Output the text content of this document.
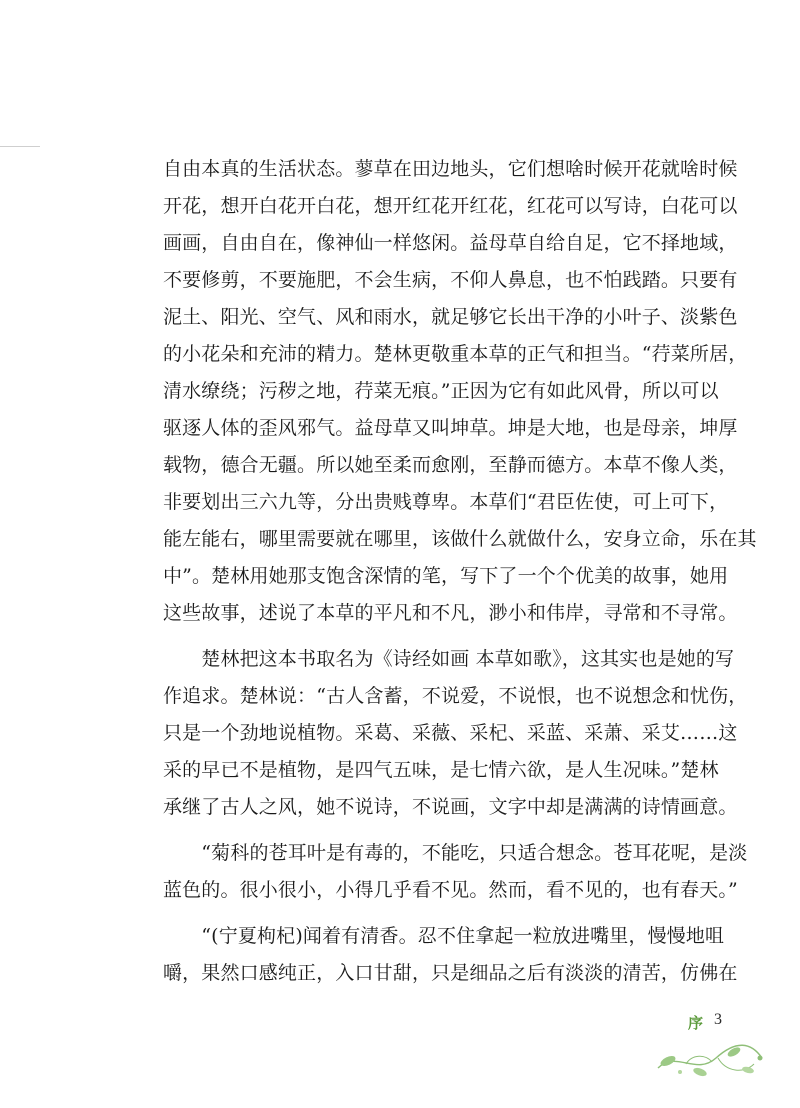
自由本真的生活状态。蓼草在田边地头，它们想啥时候开花就啥时候
开花，想开白花开白花，想开红花开红花，红花可以写诗，白花可以
画画，自由自在，像神仙一样悠闲。益母草自给自足，它不择地域，
不要修剪，不要施肥，不会生病，不仰人鼻息，也不怕践踏。只要有
泥土、阳光、空气、风和雨水，就足够它长出干净的小叶子、淡紫色
的小花朵和充沛的精力。楚林更敬重本草的正气和担当。“荇菜所居，
清水缭绕；污秽之地，荇菜无痕。”正因为它有如此风骨，所以可以
驱逐人体的歪风邪气。益母草又叫坤草。坤是大地，也是母亲，坤厚
载物，德合无疆。所以她至柔而愈刚，至静而德方。本草不像人类，
非要划出三六九等，分出贵贱尊卑。本草们“君臣佐使，可上可下，
能左能右，哪里需要就在哪里，该做什么就做什么，安身立命，乐在其
中”。楚林用她那支饱含深情的笔，写下了一个个优美的故事，她用
这些故事，述说了本草的平凡和不凡，渺小和伟岸，寻常和不寻常。
　　楚林把这本书取名为《诗经如画 本草如歌》，这其实也是她的写
作追求。楚林说：“古人含蓄，不说爱，不说恨，也不说想念和忧伤，
只是一个劲地说植物。采葛、采薇、采杞、采蓝、采萧、采艾……这
采的早已不是植物，是四气五味，是七情六欲，是人生况味。”楚林
承继了古人之风，她不说诗，不说画，文字中却是满满的诗情画意。
　　“菊科的苍耳叶是有毒的，不能吃，只适合想念。苍耳花呢，是淡
蓝色的。很小很小，小得几乎看不见。然而，看不见的，也有春天。”
　　“(宁夏枸杞)闻着有清香。忍不住拿起一粒放进嘴里，慢慢地咀
嚼，果然口感纯正，入口甘甜，只是细品之后有淡淡的清苦，仿佛在
序 3
